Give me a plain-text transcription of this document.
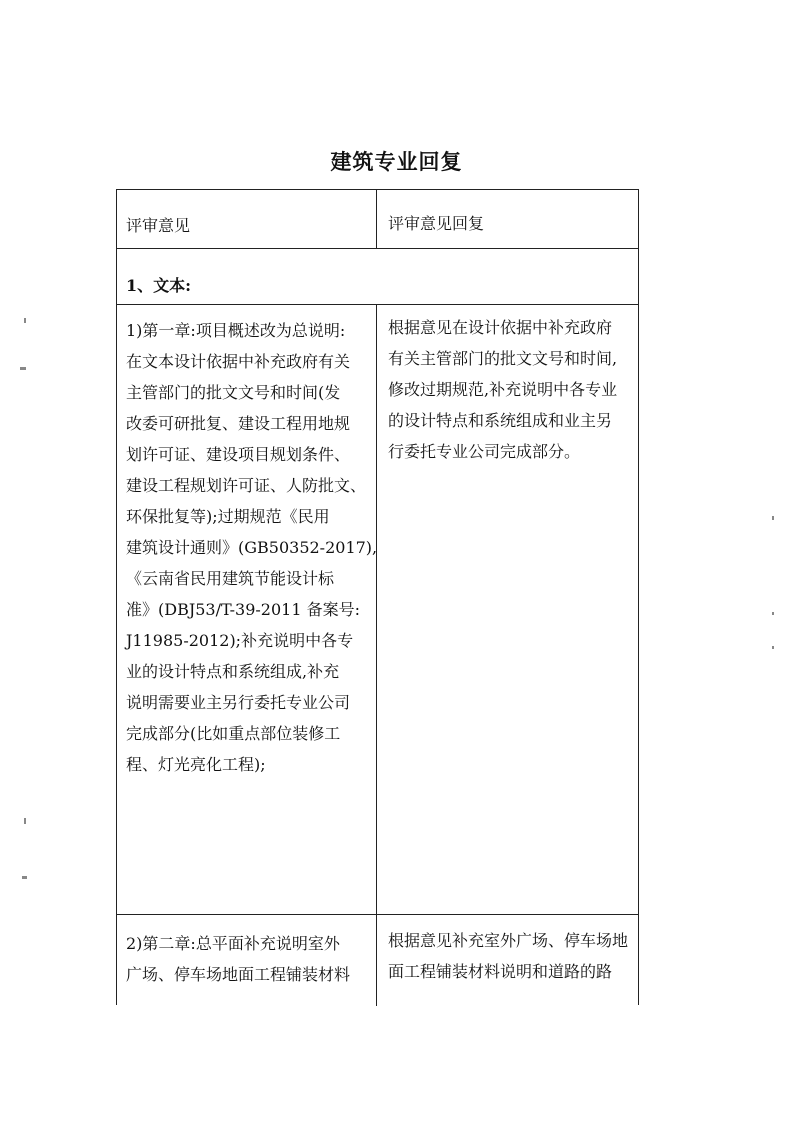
建筑专业回复
评审意见	评审意见回复
1、文本:
1)第一章:项目概述改为总说明:
在文本设计依据中补充政府有关
主管部门的批文文号和时间(发
改委可研批复、建设工程用地规
划许可证、建设项目规划条件、
建设工程规划许可证、人防批文、
环保批复等);过期规范《民用
建筑设计通则》(GB50352-2017),
《云南省民用建筑节能设计标
准》(DBJ53/T-39-2011 备案号:
J11985-2012);补充说明中各专
业的设计特点和系统组成,补充
说明需要业主另行委托专业公司
完成部分(比如重点部位装修工
程、灯光亮化工程);
根据意见在设计依据中补充政府
有关主管部门的批文文号和时间,
修改过期规范,补充说明中各专业
的设计特点和系统组成和业主另
行委托专业公司完成部分。
2)第二章:总平面补充说明室外
广场、停车场地面工程铺装材料
根据意见补充室外广场、停车场地
面工程铺装材料说明和道路的路
